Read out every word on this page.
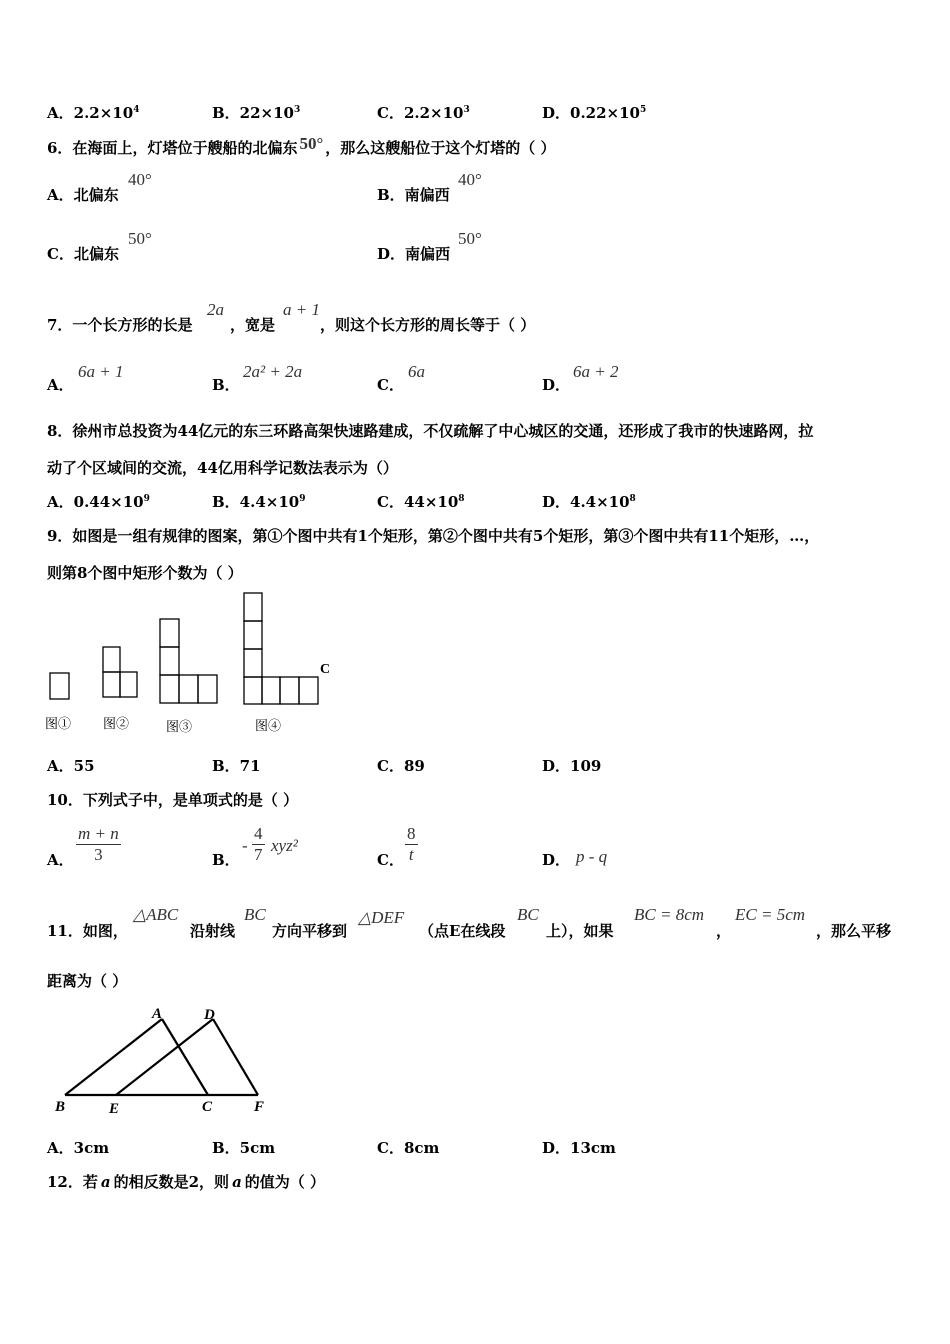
A．$2.2\times 10^4$	B．$22\times 10^3$	C．$2.2\times 10^3$	D．$0.22\times 10^5$
6．在海面上，灯塔位于艘船的北偏东 50° ，那么这艘船位于这个灯塔的（ ）
A．北偏东
40°
B．南偏西
40°
C．北偏东
50°
D．南偏西
50°
7．一个长方形的长是
2a
，宽是
a + 1
，则这个长方形的周长等于（ ）
A．
6a + 1
B．
2a² + 2a
C．
6a
D．
6a + 2
8．徐州市总投资为44亿元的东三环路高架快速路建成，不仅疏解了中心城区的交通，还形成了我市的快速路网，拉
动了个区域间的交流，44亿用科学记数法表示为（）
A．$0.44\times 10^9$	B．$4.4\times 10^9$	C．$44\times 10^8$	D．$4.4\times 10^8$
9．如图是一组有规律的图案，第①个图中共有1个矩形，第②个图中共有5个矩形，第③个图中共有11个矩形，…，
则第8个图中矩形个数为（ ）
C
图① 图②	图③	图④
A．55	B．71	C．89	D．109
10．下列式子中，是单项式的是（ ）
A． $\frac{m + n}{3}$	B．
- $\frac{4}{7} xyz^2$
C． $\frac{8}{t}$	D． p - q
11．如图，
△ABC
沿射线
BC
方向平移到
△DEF
（点E在线段
BC
上），如果
BC = 8cm
，
EC = 5cm
，那么平移
距离为（ ）
A	D
B	E	C	F
A．3cm	B．5cm	C．8cm	D．13cm
12．若 a 的相反数是2，则 a 的值为（ ）
